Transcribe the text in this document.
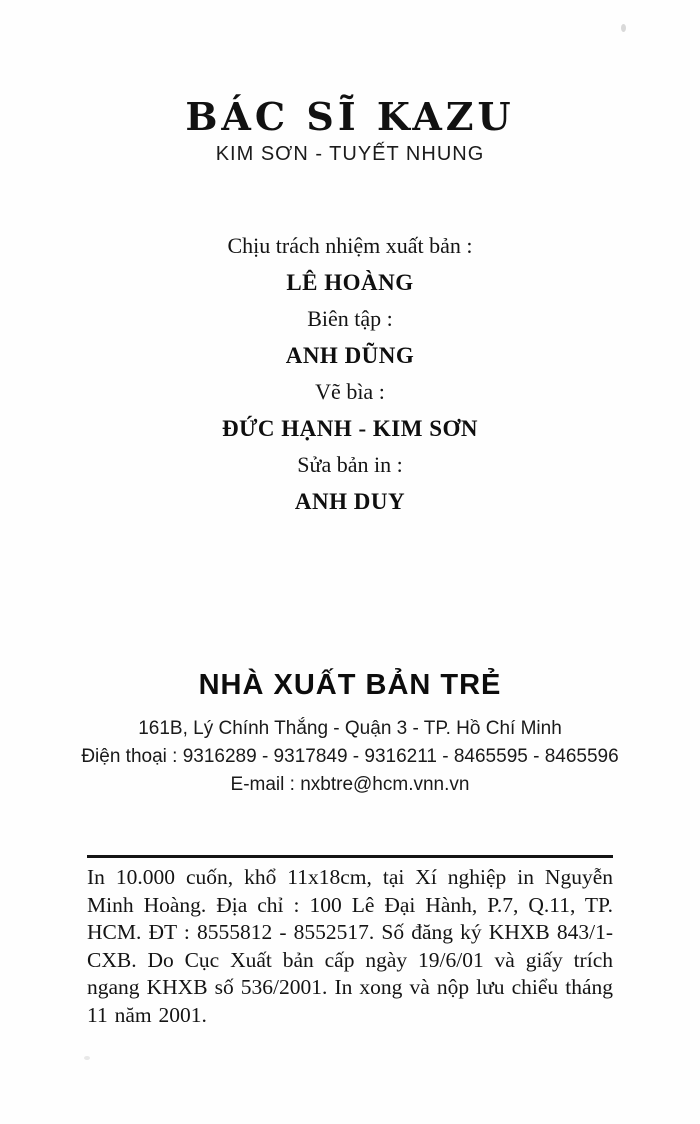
BÁC SĨ KAZU
KIM SƠN - TUYẾT NHUNG
Chịu trách nhiệm xuất bản :
LÊ HOÀNG
Biên tập :
ANH DŨNG
Vẽ bìa :
ĐỨC HẠNH - KIM SƠN
Sửa bản in :
ANH DUY
NHÀ XUẤT BẢN TRẺ
161B, Lý Chính Thắng - Quận 3 - TP. Hồ Chí Minh
Điện thoại : 9316289 - 9317849 - 9316211 - 8465595 - 8465596
E-mail : nxbtre@hcm.vnn.vn

In 10.000 cuốn, khổ 11x18cm, tại Xí nghiệp in Nguyễn Minh Hoàng. Địa chỉ : 100 Lê Đại Hành, P.7, Q.11, TP. HCM. ĐT : 8555812 - 8552517. Số đăng ký KHXB 843/1-CXB. Do Cục Xuất bản cấp ngày 19/6/01 và giấy trích ngang KHXB số 536/2001. In xong và nộp lưu chiểu tháng 11 năm 2001.
